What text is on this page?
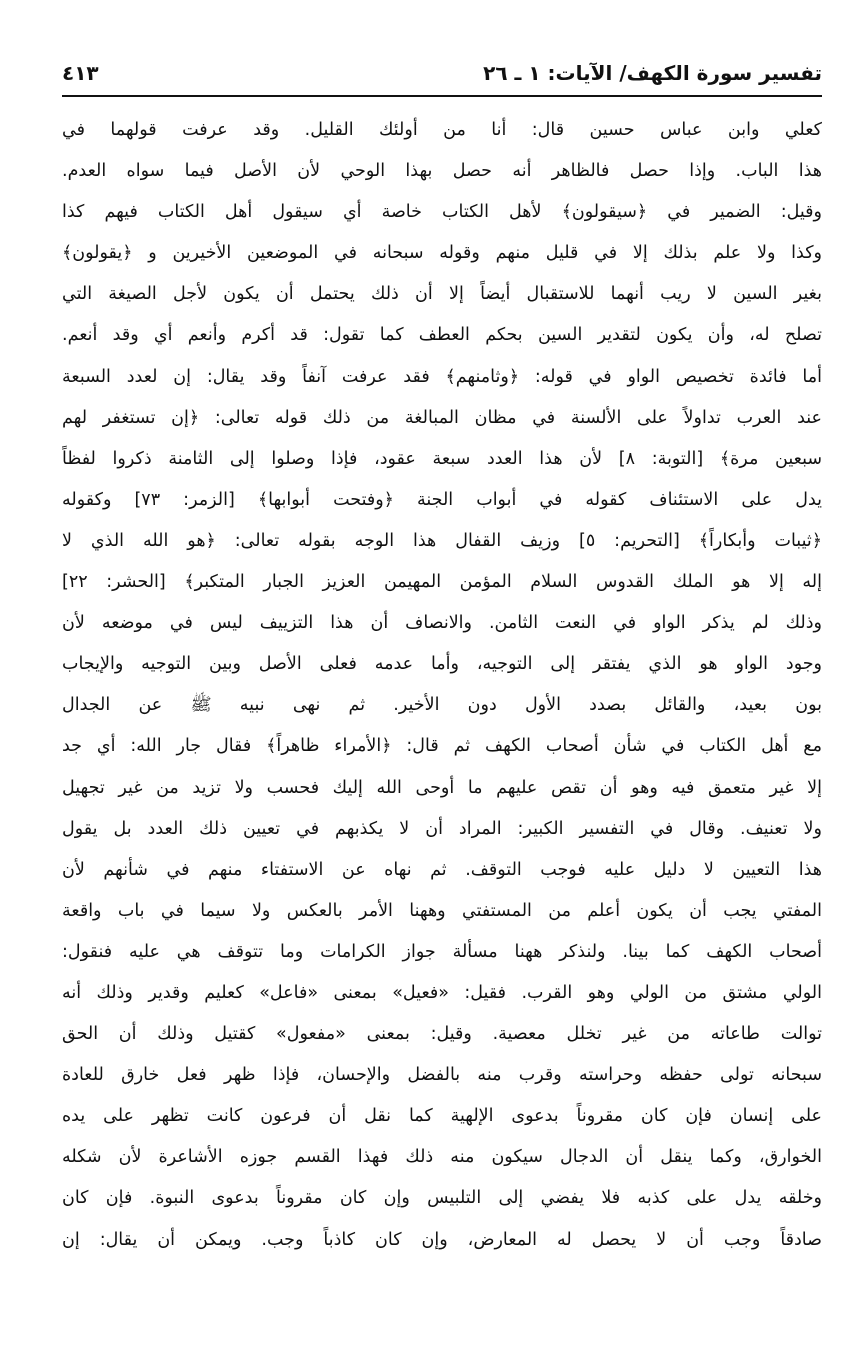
تفسير سورة الكهف/ الآيات: ١ ـ ٢٦
٤١٣
كعلي وابن عباس حسين قال: أنا من أولئك القليل. وقد عرفت قولهما في
هذا الباب. وإذا حصل فالظاهر أنه حصل بهذا الوحي لأن الأصل فيما سواه العدم.
وقيل: الضمير في ﴿سيقولون﴾ لأهل الكتاب خاصة أي سيقول أهل الكتاب فيهم كذا
وكذا ولا علم بذلك إلا في قليل منهم وقوله سبحانه في الموضعين الأخيرين و ﴿يقولون﴾
بغير السين لا ريب أنهما للاستقبال أيضاً إلا أن ذلك يحتمل أن يكون لأجل الصيغة التي
تصلح له، وأن يكون لتقدير السين بحكم العطف كما تقول: قد أكرم وأنعم أي وقد أنعم.
أما فائدة تخصيص الواو في قوله: ﴿وثامنهم﴾ فقد عرفت آنفاً وقد يقال: إن لعدد السبعة
عند العرب تداولاً على الألسنة في مظان المبالغة من ذلك قوله تعالى: ﴿إن تستغفر لهم
سبعين مرة﴾ [التوبة: ٨] لأن هذا العدد سبعة عقود، فإذا وصلوا إلى الثامنة ذكروا لفظاً
يدل على الاستئناف كقوله في أبواب الجنة ﴿وفتحت أبوابها﴾ [الزمر: ٧٣] وكقوله
﴿ثيبات وأبكاراً﴾ [التحريم: ٥] وزيف القفال هذا الوجه بقوله تعالى: ﴿هو الله الذي لا
إله إلا هو الملك القدوس السلام المؤمن المهيمن العزيز الجبار المتكبر﴾ [الحشر: ٢٢]
وذلك لم يذكر الواو في النعت الثامن. والانصاف أن هذا التزييف ليس في موضعه لأن
وجود الواو هو الذي يفتقر إلى التوجيه، وأما عدمه فعلى الأصل وبين التوجيه والإيجاب
بون بعيد، والقائل بصدد الأول دون الأخير. ثم نهى نبيه ﷺ عن الجدال
مع أهل الكتاب في شأن أصحاب الكهف ثم قال: ﴿الأمراء ظاهراً﴾ فقال جار الله: أي جد
إلا غير متعمق فيه وهو أن تقص عليهم ما أوحى الله إليك فحسب ولا تزيد من غير تجهيل
ولا تعنيف. وقال في التفسير الكبير: المراد أن لا يكذبهم في تعيين ذلك العدد بل يقول
هذا التعيين لا دليل عليه فوجب التوقف. ثم نهاه عن الاستفتاء منهم في شأنهم لأن
المفتي يجب أن يكون أعلم من المستفتي وههنا الأمر بالعكس ولا سيما في باب واقعة
أصحاب الكهف كما بينا. ولنذكر ههنا مسألة جواز الكرامات وما تتوقف هي عليه فنقول:
الولي مشتق من الولي وهو القرب. فقيل: «فعيل» بمعنى «فاعل» كعليم وقدير وذلك أنه
توالت طاعاته من غير تخلل معصية. وقيل: بمعنى «مفعول» كقتيل وذلك أن الحق
سبحانه تولى حفظه وحراسته وقرب منه بالفضل والإحسان، فإذا ظهر فعل خارق للعادة
على إنسان فإن كان مقروناً بدعوى الإلهية كما نقل أن فرعون كانت تظهر على يده
الخوارق، وكما ينقل أن الدجال سيكون منه ذلك فهذا القسم جوزه الأشاعرة لأن شكله
وخلقه يدل على كذبه فلا يفضي إلى التلبيس وإن كان مقروناً بدعوى النبوة. فإن كان
صادقاً وجب أن لا يحصل له المعارض، وإن كان كاذباً وجب. ويمكن أن يقال: إن
